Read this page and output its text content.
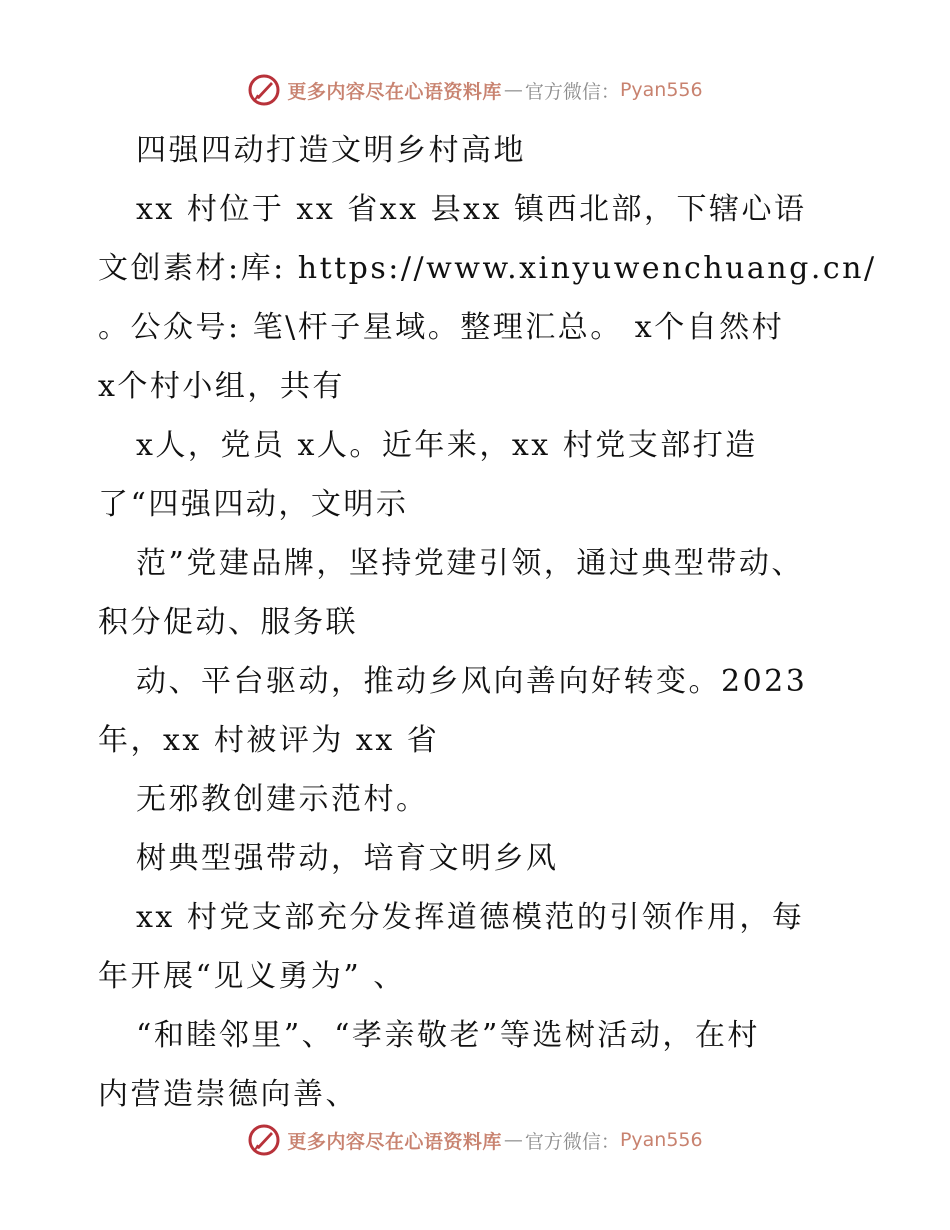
更多内容尽在心语资料库 — 官方微信： Pyan556
四强四动打造文明乡村高地
xx 村位于 xx 省xx 县xx 镇西北部，下辖心语
文创素材:库: https://www.xinyuwenchuang.cn/
。公众号: 笔\杆子星域。整理汇总。 x个自然村
x个村小组，共有
x人，党员 x人。近年来，xx 村党支部打造
了“四强四动，文明示
范”党建品牌，坚持党建引领，通过典型带动、
积分促动、服务联
动、平台驱动，推动乡风向善向好转变。2023
年，xx 村被评为 xx 省
无邪教创建示范村。
树典型强带动，培育文明乡风
xx 村党支部充分发挥道德模范的引领作用，每
年开展“见义勇为” 、
“和睦邻里”、“孝亲敬老”等选树活动，在村
内营造崇德向善、
更多内容尽在心语资料库 — 官方微信： Pyan556
